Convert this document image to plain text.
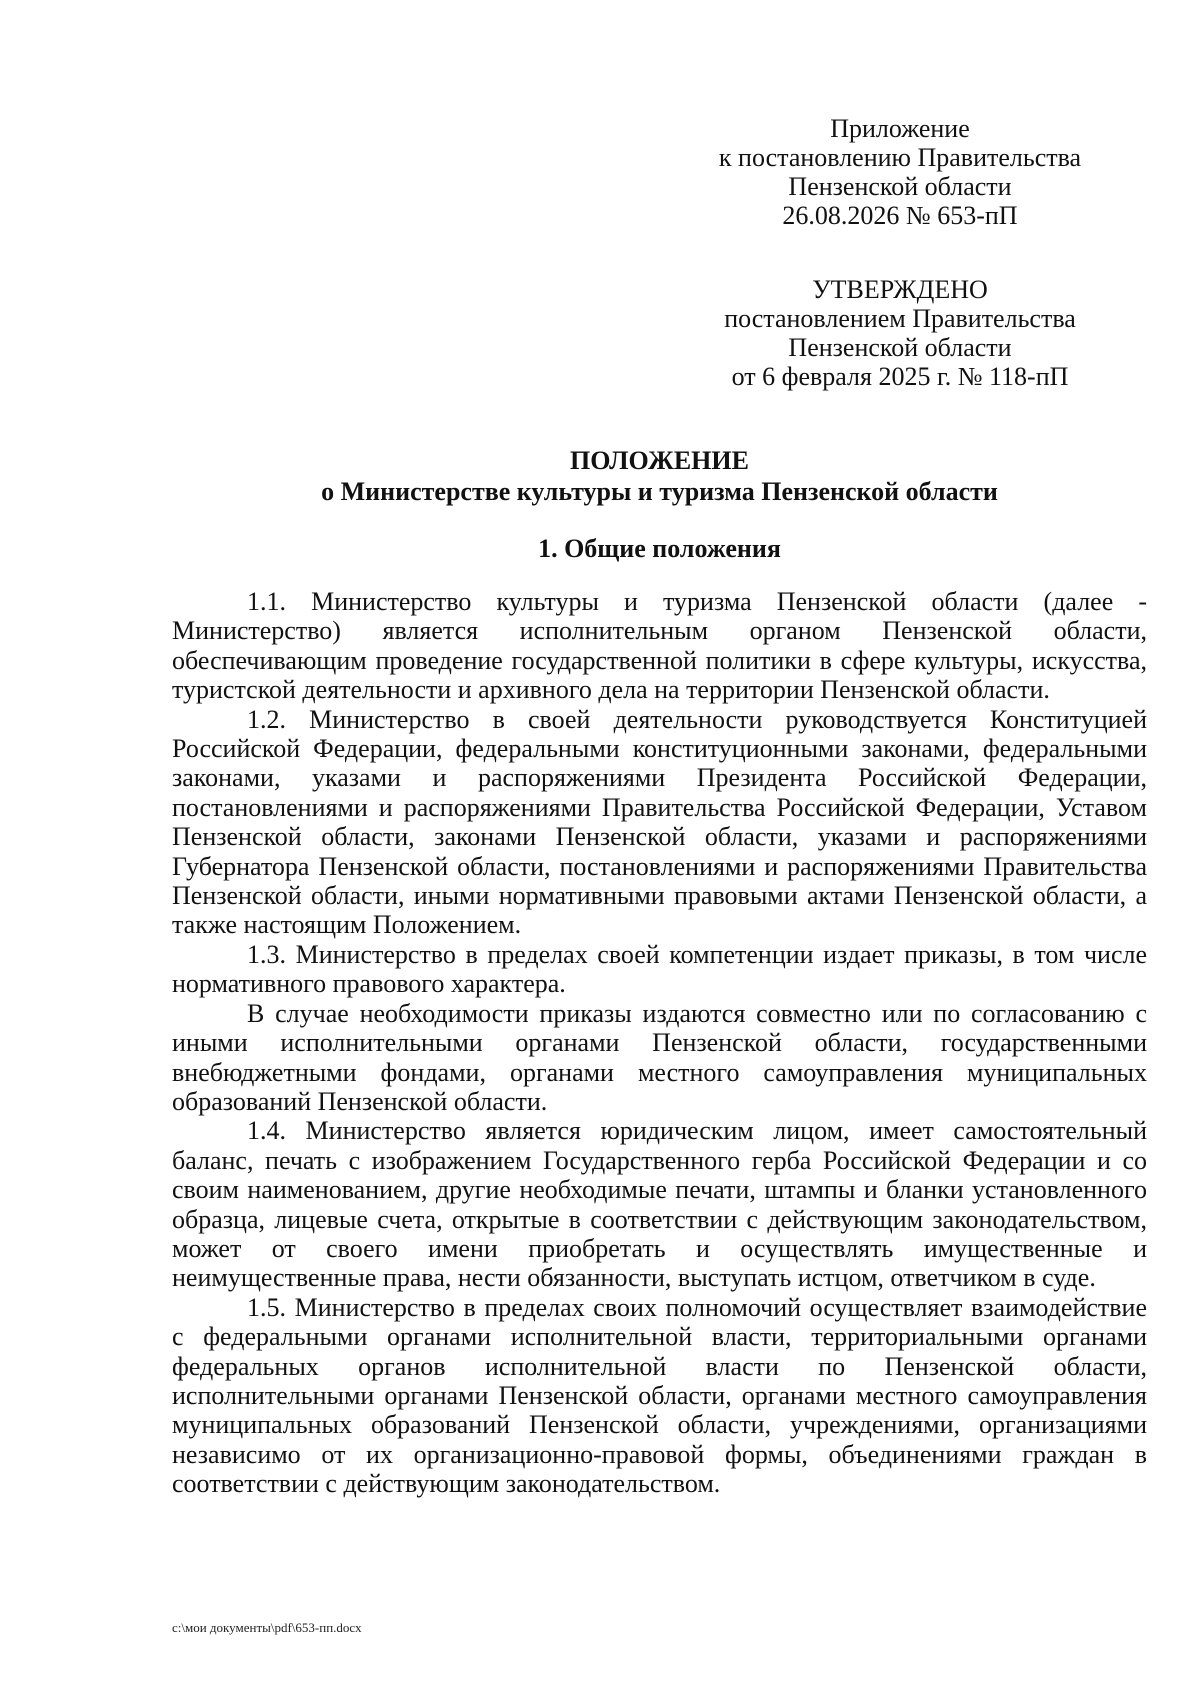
Приложение
к постановлению Правительства
Пензенской области
26.08.2026 № 653-пП
УТВЕРЖДЕНО
постановлением Правительства
Пензенской области
от 6 февраля 2025 г. № 118-пП
ПОЛОЖЕНИЕ
о Министерстве культуры и туризма Пензенской области
1. Общие положения

1.1. Министерство культуры и туризма Пензенской области (далее - Министерство) является исполнительным органом Пензенской области, обеспечивающим проведение государственной политики в сфере культуры, искусства, туристской деятельности и архивного дела на территории Пензенской области.

1.2. Министерство в своей деятельности руководствуется Конституцией Российской Федерации, федеральными конституционными законами, федеральными законами, указами и распоряжениями Президента Российской Федерации, постановлениями и распоряжениями Правительства Российской Федерации, Уставом Пензенской области, законами Пензенской области, указами и распоряжениями Губернатора Пензенской области, постановлениями и распоряжениями Правительства Пензенской области, иными нормативными правовыми актами Пензенской области, а также настоящим Положением.

1.3. Министерство в пределах своей компетенции издает приказы, в том числе нормативного правового характера.

В случае необходимости приказы издаются совместно или по согласованию с иными исполнительными органами Пензенской области, государственными внебюджетными фондами, органами местного самоуправления муниципальных образований Пензенской области.

1.4. Министерство является юридическим лицом, имеет самостоятельный баланс, печать с изображением Государственного герба Российской Федерации и со своим наименованием, другие необходимые печати, штампы и бланки установленного образца, лицевые счета, открытые в соответствии с действующим законодательством, может от своего имени приобретать и осуществлять имущественные и неимущественные права, нести обязанности, выступать истцом, ответчиком в суде.

1.5. Министерство в пределах своих полномочий осуществляет взаимодействие с федеральными органами исполнительной власти, территориальными органами федеральных органов исполнительной власти по Пензенской области, исполнительными органами Пензенской области, органами местного самоуправления муниципальных образований Пензенской области, учреждениями, организациями независимо от их организационно-правовой формы, объединениями граждан в соответствии с действующим законодательством.

c:\мои документы\pdf\653-пп.docx
